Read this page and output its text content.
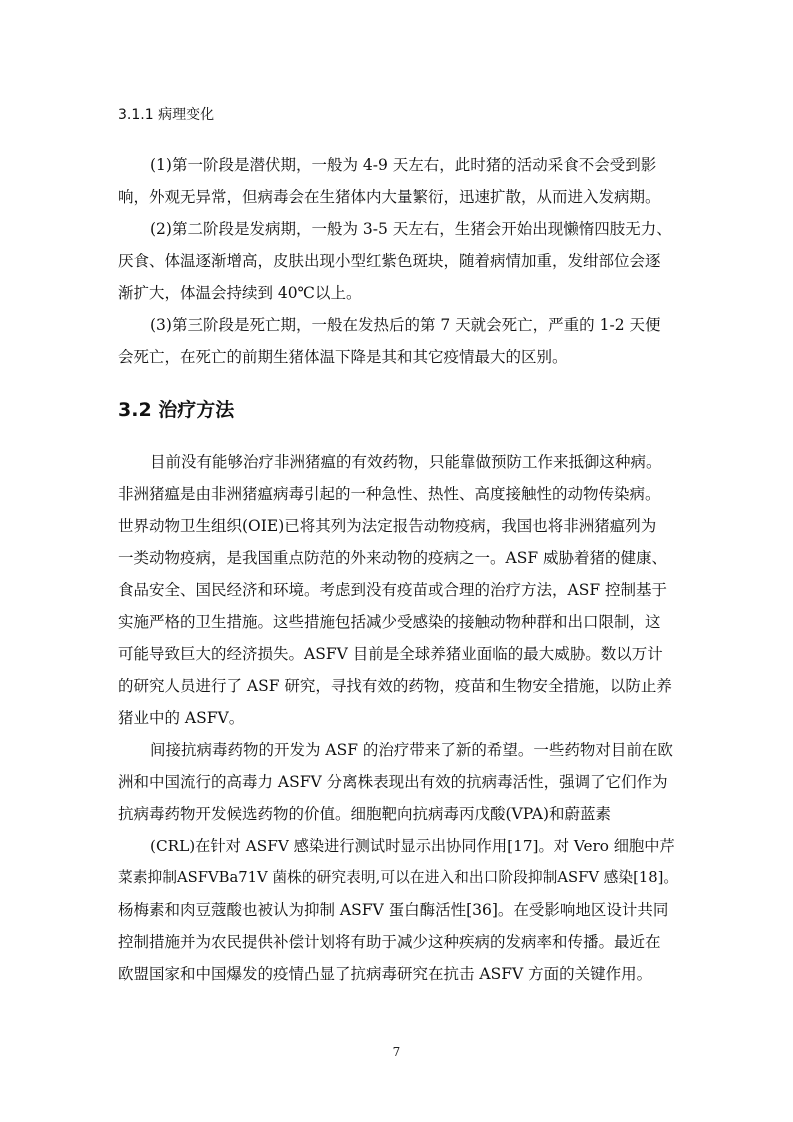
3.1.1 病理变化

(1)第一阶段是潜伏期，一般为 4-9 天左右，此时猪的活动采食不会受到影
响，外观无异常，但病毒会在生猪体内大量繁衍，迅速扩散，从而进入发病期。

(2)第二阶段是发病期，一般为 3-5 天左右，生猪会开始出现懒惰四肢无力、
厌食、体温逐渐增高，皮肤出现小型红紫色斑块，随着病情加重，发绀部位会逐
渐扩大，体温会持续到 40℃以上。

(3)第三阶段是死亡期，一般在发热后的第 7 天就会死亡，严重的 1-2 天便
会死亡，在死亡的前期生猪体温下降是其和其它疫情最大的区别。

3.2 治疗方法

目前没有能够治疗非洲猪瘟的有效药物，只能靠做预防工作来抵御这种病。
非洲猪瘟是由非洲猪瘟病毒引起的一种急性、热性、高度接触性的动物传染病。
世界动物卫生组织(OIE)已将其列为法定报告动物疫病，我国也将非洲猪瘟列为
一类动物疫病，是我国重点防范的外来动物的疫病之一。ASF 威胁着猪的健康、
食品安全、国民经济和环境。考虑到没有疫苗或合理的治疗方法，ASF 控制基于
实施严格的卫生措施。这些措施包括减少受感染的接触动物种群和出口限制，这
可能导致巨大的经济损失。ASFV 目前是全球养猪业面临的最大威胁。数以万计
的研究人员进行了 ASF 研究，寻找有效的药物，疫苗和生物安全措施，以防止养
猪业中的 ASFV。

间接抗病毒药物的开发为 ASF 的治疗带来了新的希望。一些药物对目前在欧
洲和中国流行的高毒力 ASFV 分离株表现出有效的抗病毒活性，强调了它们作为
抗病毒药物开发候选药物的价值。细胞靶向抗病毒丙戊酸(VPA)和蔚蓝素
(CRL)在针对 ASFV 感染进行测试时显示出协同作用[17]。对 Vero 细胞中芹
菜素抑制ASFVBa71V 菌株的研究表明,可以在进入和出口阶段抑制ASFV 感染[18]。
杨梅素和肉豆蔻酸也被认为抑制 ASFV 蛋白酶活性[36]。在受影响地区设计共同
控制措施并为农民提供补偿计划将有助于减少这种疾病的发病率和传播。最近在
欧盟国家和中国爆发的疫情凸显了抗病毒研究在抗击 ASFV 方面的关键作用。

7
